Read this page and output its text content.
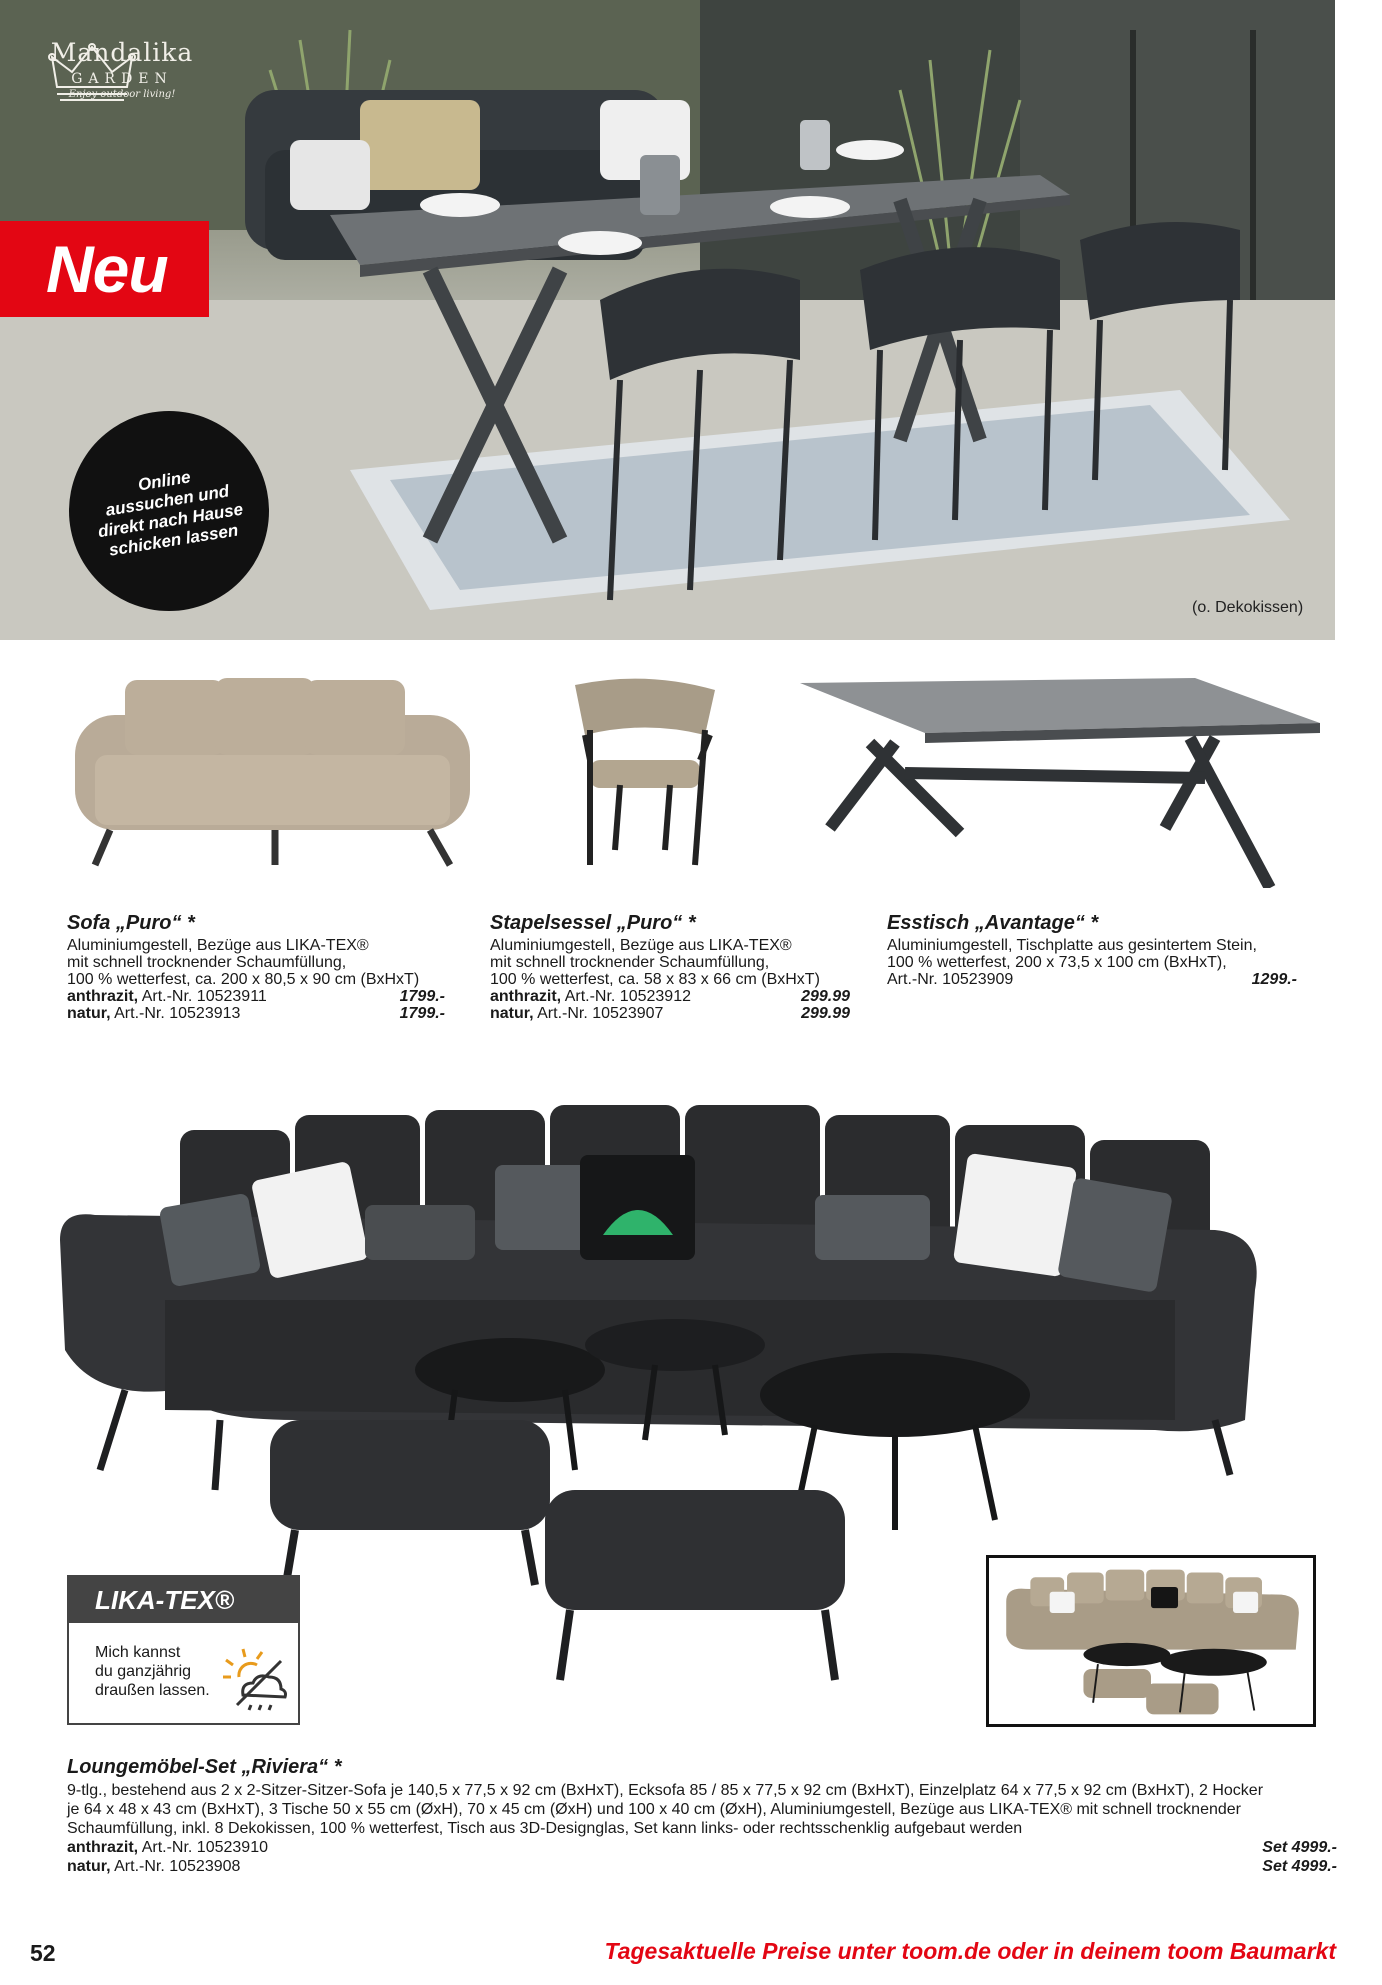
Mandalika
GARDEN
Enjoy outdoor living!
Neu
Online
aussuchen und
direkt nach Hause
schicken lassen
(o. Dekokissen)
Sofa „Puro“ *
Aluminiumgestell, Bezüge aus LIKA-TEX®
mit schnell trocknender Schaumfüllung,
100 % wetterfest, ca. 200 x 80,5 x 90 cm (BxHxT)
anthrazit, Art.-Nr. 10523911	1799.-
natur, Art.-Nr. 10523913	1799.-
Stapelsessel „Puro“ *
Aluminiumgestell, Bezüge aus LIKA-TEX®
mit schnell trocknender Schaumfüllung,
100 % wetterfest, ca. 58 x 83 x 66 cm (BxHxT)
anthrazit, Art.-Nr. 10523912	299.99
natur, Art.-Nr. 10523907	299.99
Esstisch „Avantage“ *
Aluminiumgestell, Tischplatte aus gesintertem Stein,
100 % wetterfest, 200 x 73,5 x 100 cm (BxHxT),
Art.-Nr. 10523909	1299.-
LIKA-TEX®
Mich kannst
du ganzjährig
draußen lassen.
Loungemöbel-Set „Riviera“ *
9-tlg., bestehend aus 2 x 2-Sitzer-Sitzer-Sofa je 140,5 x 77,5 x 92 cm (BxHxT), Ecksofa 85 / 85 x 77,5 x 92 cm (BxHxT), Einzelplatz 64 x 77,5 x 92 cm (BxHxT), 2 Hocker
je 64 x 48 x 43 cm (BxHxT), 3 Tische 50 x 55 cm (ØxH), 70 x 45 cm (ØxH) und 100 x 40 cm (ØxH), Aluminiumgestell, Bezüge aus LIKA-TEX® mit schnell trocknender
Schaumfüllung, inkl. 8 Dekokissen, 100 % wetterfest, Tisch aus 3D-Designglas, Set kann links- oder rechtsschenklig aufgebaut werden
anthrazit, Art.-Nr. 10523910	Set 4999.-
natur, Art.-Nr. 10523908	Set 4999.-
52	Tagesaktuelle Preise unter toom.de oder in deinem toom Baumarkt
